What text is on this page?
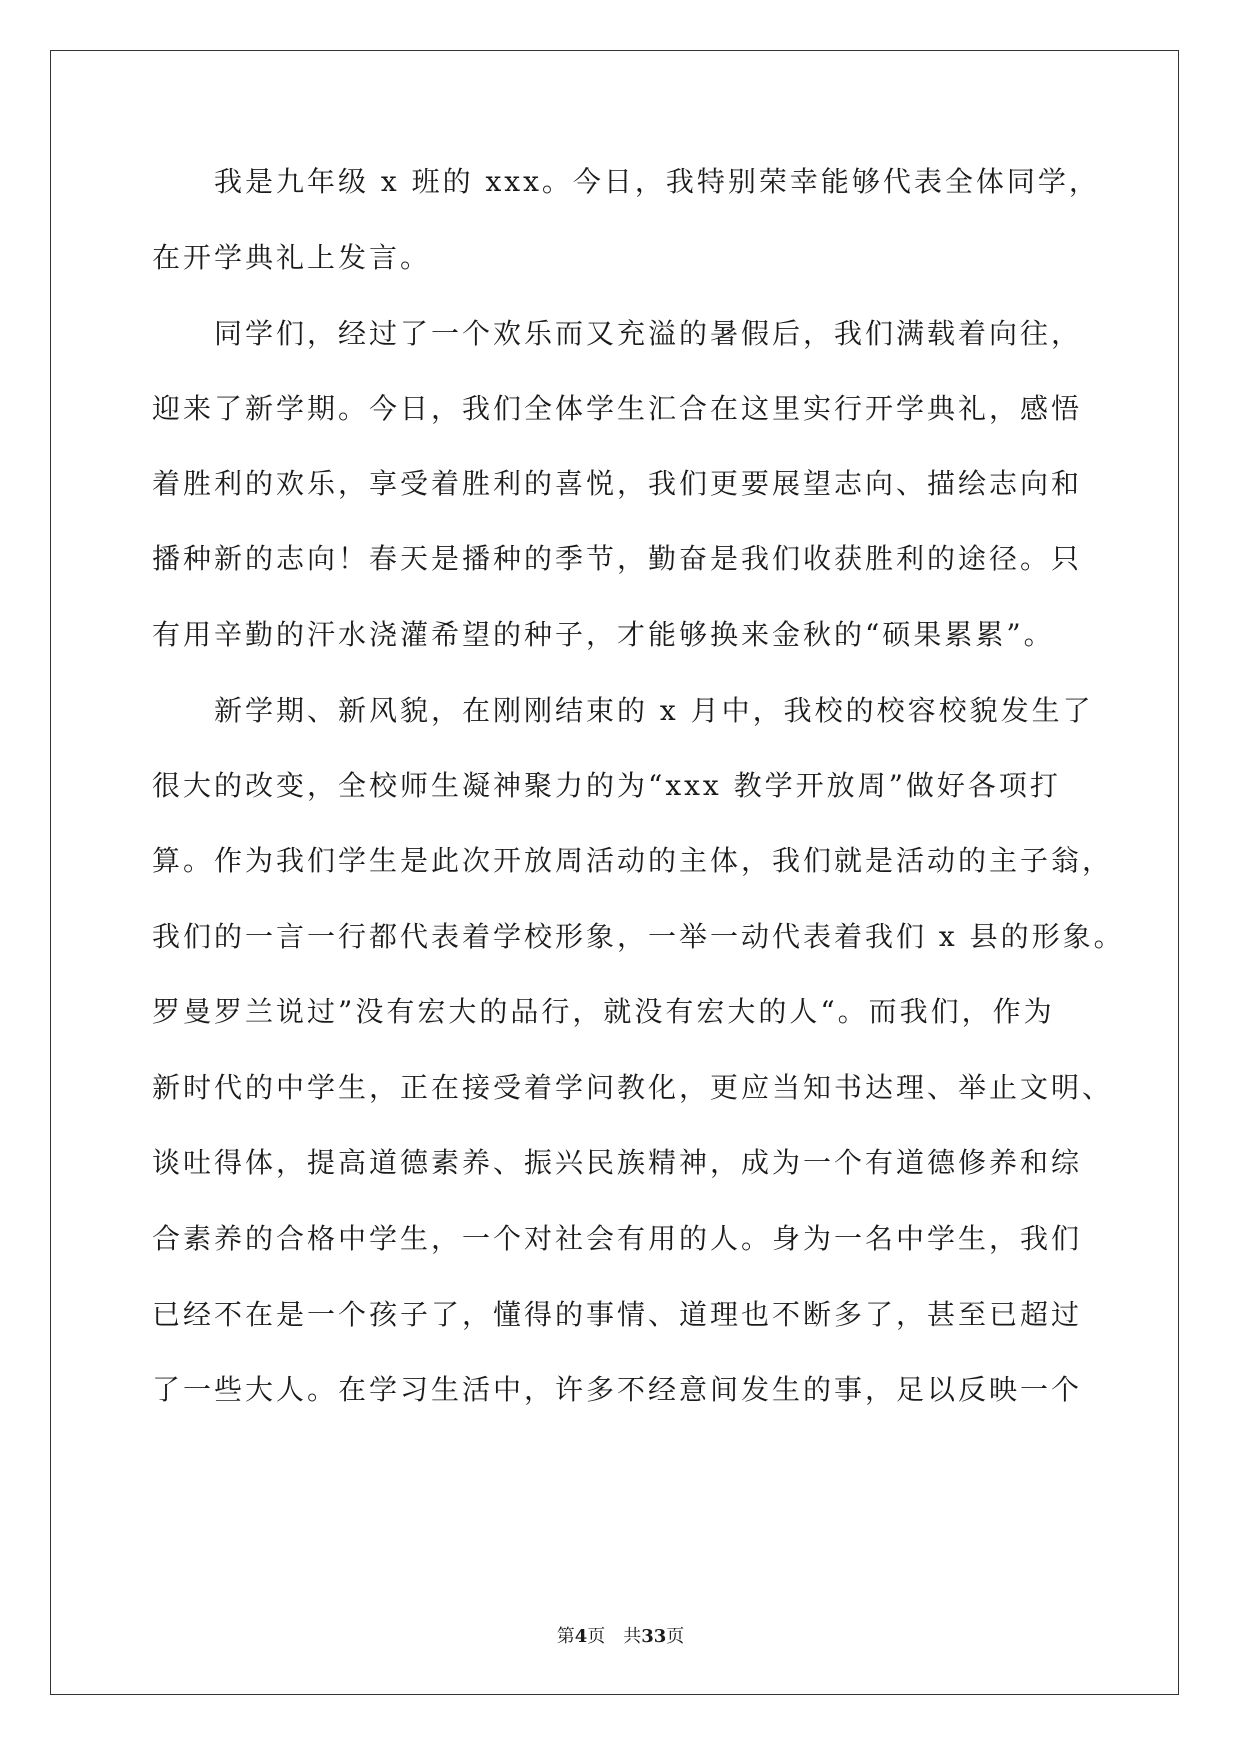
　　我是九年级 x 班的 xxx。今日，我特别荣幸能够代表全体同学，
在开学典礼上发言。
　　同学们，经过了一个欢乐而又充溢的暑假后，我们满载着向往，
迎来了新学期。今日，我们全体学生汇合在这里实行开学典礼，感悟
着胜利的欢乐，享受着胜利的喜悦，我们更要展望志向、描绘志向和
播种新的志向！春天是播种的季节，勤奋是我们收获胜利的途径。只
有用辛勤的汗水浇灌希望的种子，才能够换来金秋的“硕果累累”。
　　新学期、新风貌，在刚刚结束的 x 月中，我校的校容校貌发生了
很大的改变，全校师生凝神聚力的为“xxx 教学开放周”做好各项打
算。作为我们学生是此次开放周活动的主体，我们就是活动的主子翁，
我们的一言一行都代表着学校形象，一举一动代表着我们 x 县的形象。
罗曼罗兰说过”没有宏大的品行，就没有宏大的人“。而我们，作为
新时代的中学生，正在接受着学问教化，更应当知书达理、举止文明、
谈吐得体，提高道德素养、振兴民族精神，成为一个有道德修养和综
合素养的合格中学生，一个对社会有用的人。身为一名中学生，我们
已经不在是一个孩子了，懂得的事情、道理也不断多了，甚至已超过
了一些大人。在学习生活中，许多不经意间发生的事，足以反映一个
第4页 共33页
